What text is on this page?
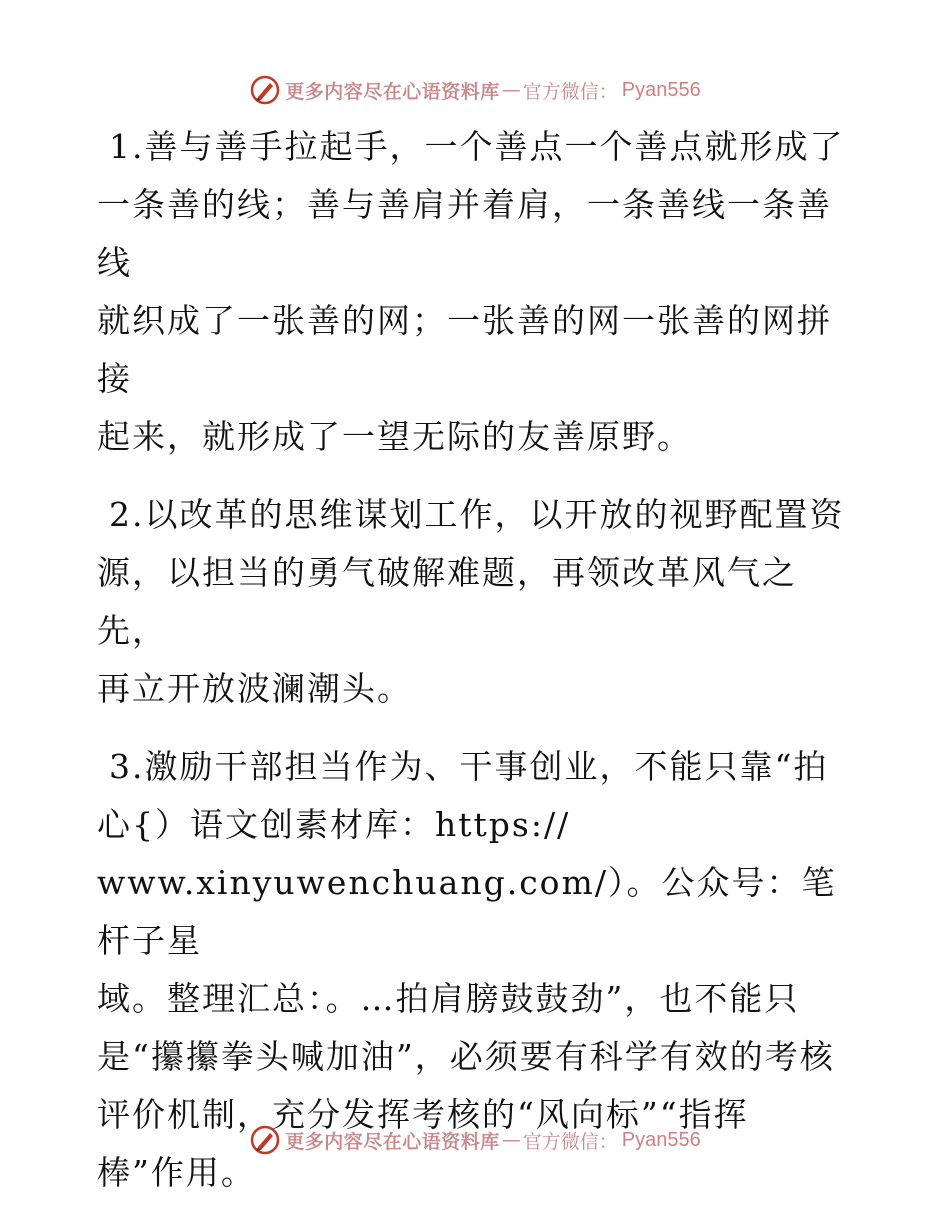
更多内容尽在心语资料库 — 官方微信： Pyan556

1.善与善手拉起手，一个善点一个善点就形成了
一条善的线；善与善肩并着肩，一条善线一条善线
就织成了一张善的网；一张善的网一张善的网拼接
起来，就形成了一望无际的友善原野。

2.以改革的思维谋划工作，以开放的视野配置资
源，以担当的勇气破解难题，再领改革风气之先，
再立开放波澜潮头。

3.激励干部担当作为、干事创业，不能只靠“拍
心{）语文创素材库：https://
www.xinyuwenchuang.com/）。公众号：笔杆子星
域。整理汇总：。…拍肩膀鼓鼓劲”，也不能只
是“攥攥拳头喊加油”，必须要有科学有效的考核
评价机制，充分发挥考核的“风向标”“指挥
棒”作用。

更多内容尽在心语资料库 — 官方微信： Pyan556
